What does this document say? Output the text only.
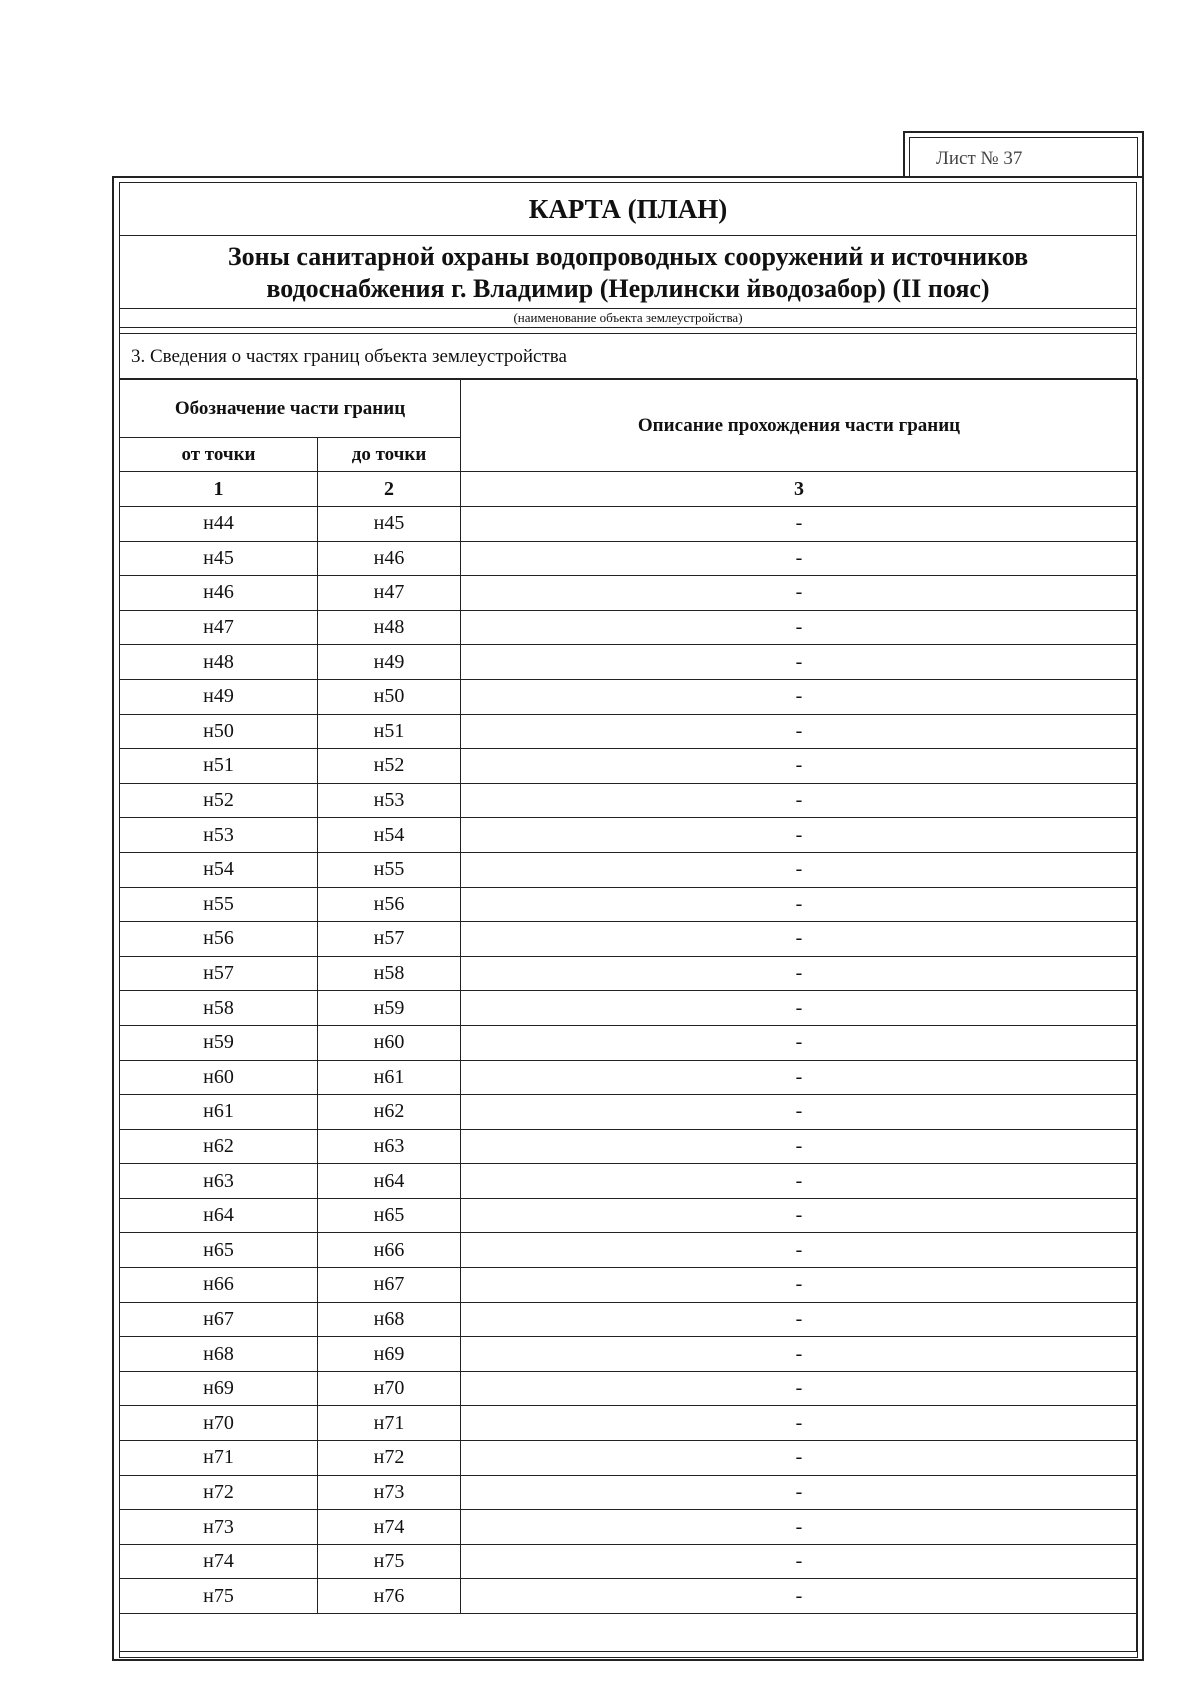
Лист № 37
КАРТА (ПЛАН)
Зоны санитарной охраны водопроводных сооружений и источников
водоснабжения г. Владимир (Нерлински йводозабор) (II пояс)
(наименование объекта землеустройства)
3. Сведения о частях границ объекта землеустройства
Обозначение части границ		Описание прохождения части границ
от точки	до точки	
1	2	3
н44	н45	-
н45	н46	-
н46	н47	-
н47	н48	-
н48	н49	-
н49	н50	-
н50	н51	-
н51	н52	-
н52	н53	-
н53	н54	-
н54	н55	-
н55	н56	-
н56	н57	-
н57	н58	-
н58	н59	-
н59	н60	-
н60	н61	-
н61	н62	-
н62	н63	-
н63	н64	-
н64	н65	-
н65	н66	-
н66	н67	-
н67	н68	-
н68	н69	-
н69	н70	-
н70	н71	-
н71	н72	-
н72	н73	-
н73	н74	-
н74	н75	-
н75	н76	-
